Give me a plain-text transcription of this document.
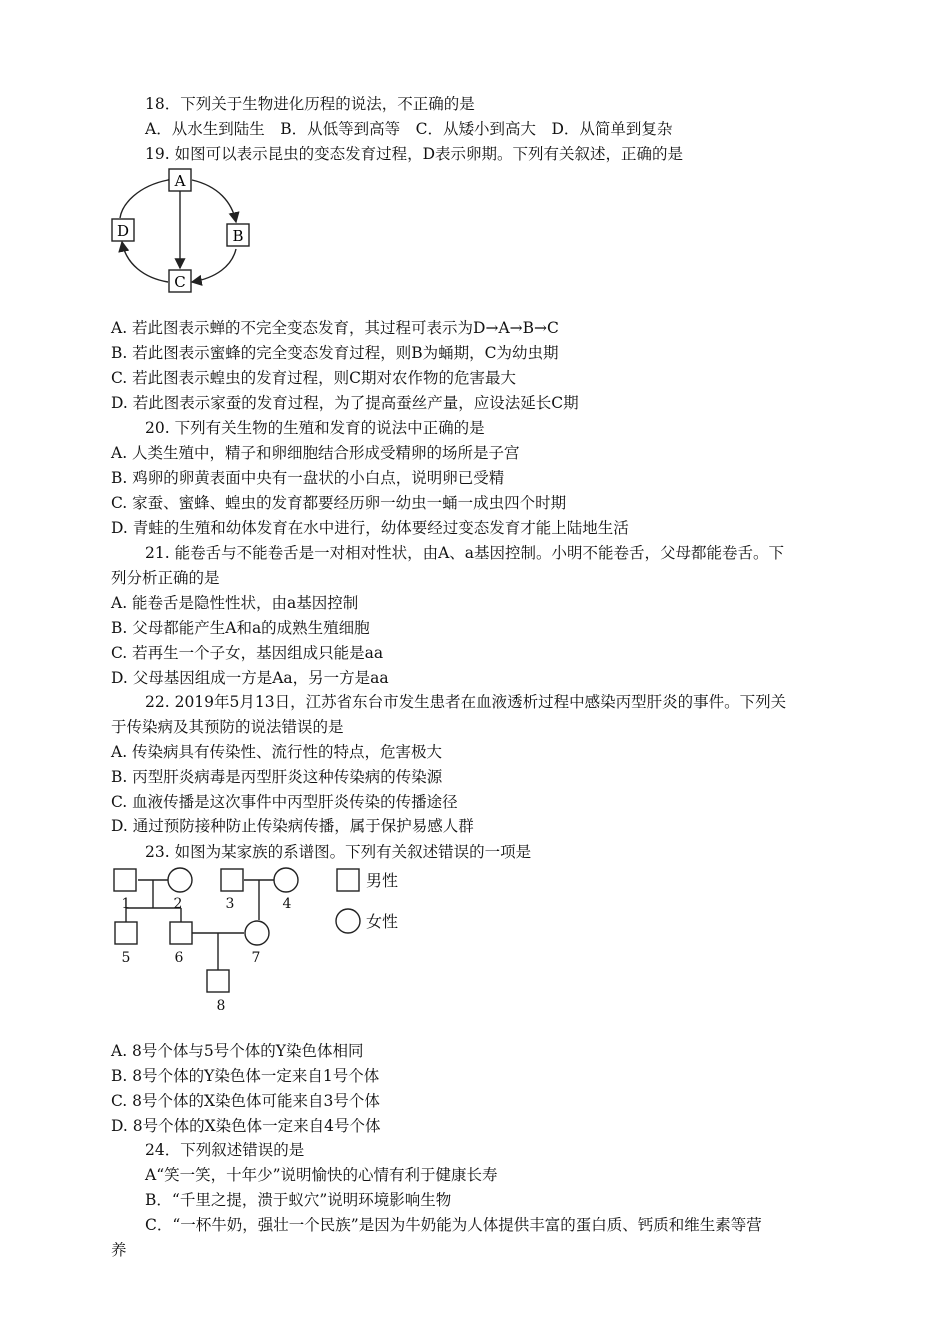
18．下列关于生物进化历程的说法，不正确的是
A．从水生到陆生　B．从低等到高等　C．从矮小到高大　D．从简单到复杂
19. 如图可以表示昆虫的变态发育过程，D表示卵期。下列有关叙述，正确的是
A
B
C
D
A. 若此图表示蝉的不完全变态发育，其过程可表示为D→A→B→C
B. 若此图表示蜜蜂的完全变态发育过程，则B为蛹期，C为幼虫期
C. 若此图表示蝗虫的发育过程，则C期对农作物的危害最大
D. 若此图表示家蚕的发育过程，为了提高蚕丝产量，应设法延长C期
20. 下列有关生物的生殖和发育的说法中正确的是
A. 人类生殖中，精子和卵细胞结合形成受精卵的场所是子宫
B. 鸡卵的卵黄表面中央有一盘状的小白点，说明卵已受精
C. 家蚕、蜜蜂、蝗虫的发育都要经历卵一幼虫一蛹一成虫四个时期
D. 青蛙的生殖和幼体发育在水中进行，幼体要经过变态发育才能上陆地生活
21. 能卷舌与不能卷舌是一对相对性状，由A、a基因控制。小明不能卷舌，父母都能卷舌。下
列分析正确的是
A. 能卷舌是隐性性状，由a基因控制
B. 父母都能产生A和a的成熟生殖细胞
C. 若再生一个子女，基因组成只能是aa
D. 父母基因组成一方是Aa，另一方是aa
22. 2019年5月13日，江苏省东台市发生患者在血液透析过程中感染丙型肝炎的事件。下列关
于传染病及其预防的说法错误的是
A. 传染病具有传染性、流行性的特点，危害极大
B. 丙型肝炎病毒是丙型肝炎这种传染病的传染源
C. 血液传播是这次事件中丙型肝炎传染的传播途径
D. 通过预防接种防止传染病传播，属于保护易感人群
23. 如图为某家族的系谱图。下列有关叙述错误的一项是
1	2	3	4
5	6	7
8
男性
女性
A. 8号个体与5号个体的Y染色体相同
B. 8号个体的Y染色体一定来自1号个体
C. 8号个体的X染色体可能来自3号个体
D. 8号个体的X染色体一定来自4号个体
24．下列叙述错误的是
A“笑一笑，十年少”说明愉快的心情有利于健康长寿
B．“千里之提，溃于蚁穴”说明环境影响生物
C．“一杯牛奶，强壮一个民族”是因为牛奶能为人体提供丰富的蛋白质、钙质和维生素等营
养
